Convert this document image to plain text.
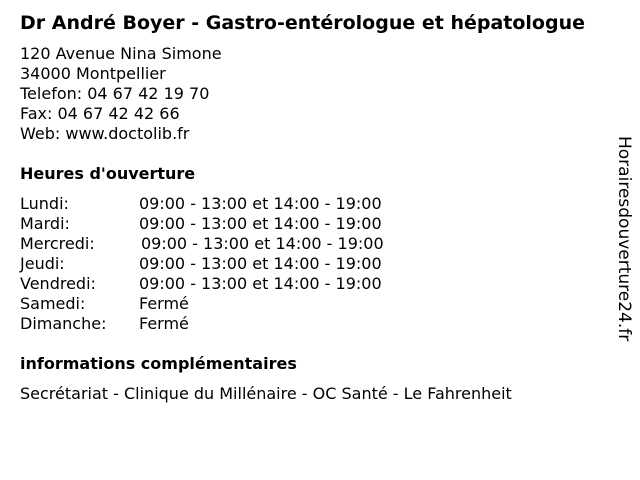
Dr André Boyer - Gastro-entérologue et hépatologue
120 Avenue Nina Simone
34000 Montpellier
Telefon: 04 67 42 19 70
Fax: 04 67 42 42 66
Web: www.doctolib.fr
Heures d'ouverture
Lundi:	09:00 - 13:00 et 14:00 - 19:00
Mardi:	09:00 - 13:00 et 14:00 - 19:00
Mercredi:	09:00 - 13:00 et 14:00 - 19:00
Jeudi:	09:00 - 13:00 et 14:00 - 19:00
Vendredi:	09:00 - 13:00 et 14:00 - 19:00
Samedi:	Fermé
Dimanche: Fermé
informations complémentaires
Secrétariat - Clinique du Millénaire - OC Santé - Le Fahrenheit
Horairesdouverture24.fr
